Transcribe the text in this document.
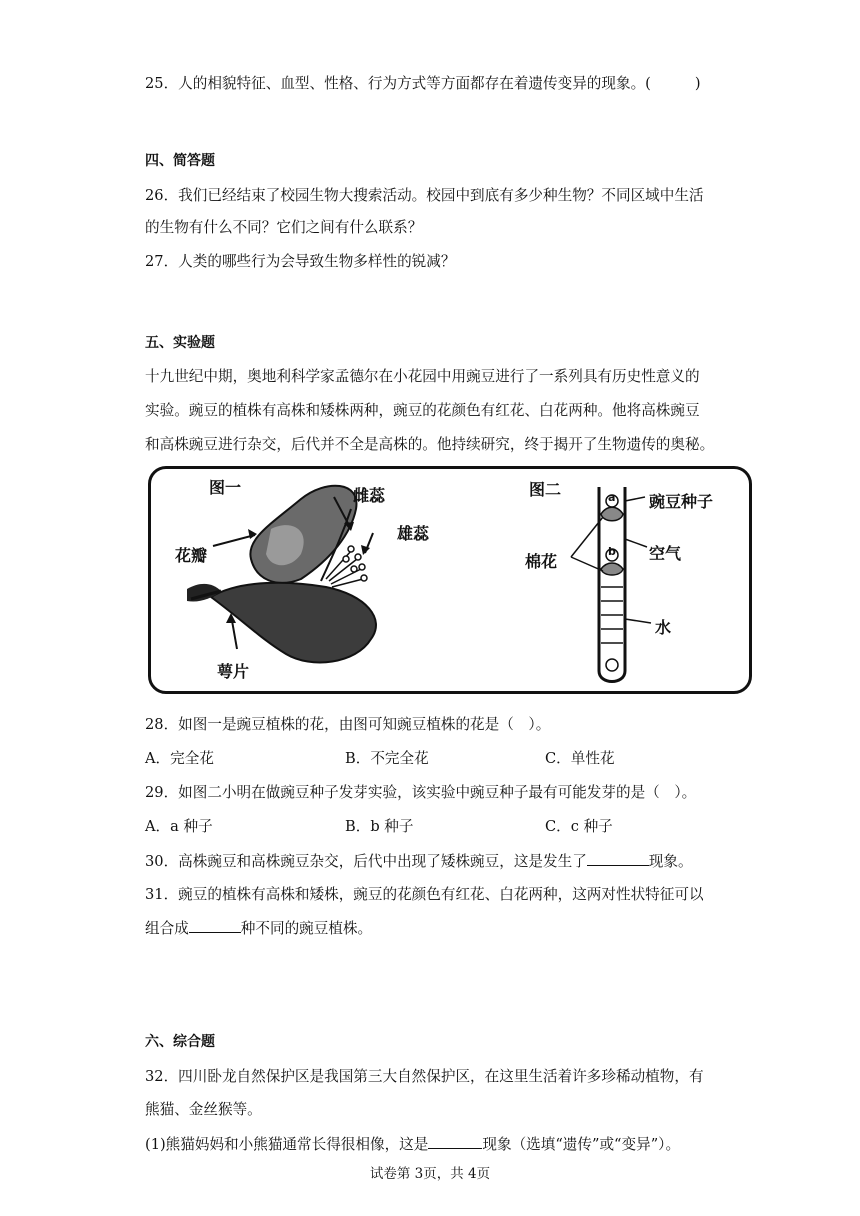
25．人的相貌特征、血型、性格、行为方式等方面都存在着遗传变异的现象。(	)
四、简答题
26．我们已经结束了校园生物大搜索活动。校园中到底有多少种生物？不同区域中生活
的生物有什么不同？它们之间有什么联系？
27．人类的哪些行为会导致生物多样性的锐减？
五、实验题
十九世纪中期，奥地利科学家孟德尔在小花园中用豌豆进行了一系列具有历史性意义的
实验。豌豆的植株有高株和矮株两种，豌豆的花颜色有红花、白花两种。他将高株豌豆
和高株豌豆进行杂交，后代并不全是高株的。他持续研究，终于揭开了生物遗传的奥秘。
图一	雌蕊
雄蕊
花瓣
萼片
图二
豌豆种子
空气
棉花
水
a
b
28．如图一是豌豆植株的花，由图可知豌豆植株的花是（　）。
A．完全花	B．不完全花	C．单性花
29．如图二小明在做豌豆种子发芽实验，该实验中豌豆种子最有可能发芽的是（　）。
A．a 种子	B．b 种子	C．c 种子
30．高株豌豆和高株豌豆杂交，后代中出现了矮株豌豆，这是发生了	现象。
31．豌豆的植株有高株和矮株，豌豆的花颜色有红花、白花两种，这两对性状特征可以
组合成	种不同的豌豆植株。
六、综合题
32．四川卧龙自然保护区是我国第三大自然保护区，在这里生活着许多珍稀动植物，有
熊猫、金丝猴等。
(1)熊猫妈妈和小熊猫通常长得很相像，这是	现象（选填“遗传”或“变异”）。
试卷第 3页，共 4页
